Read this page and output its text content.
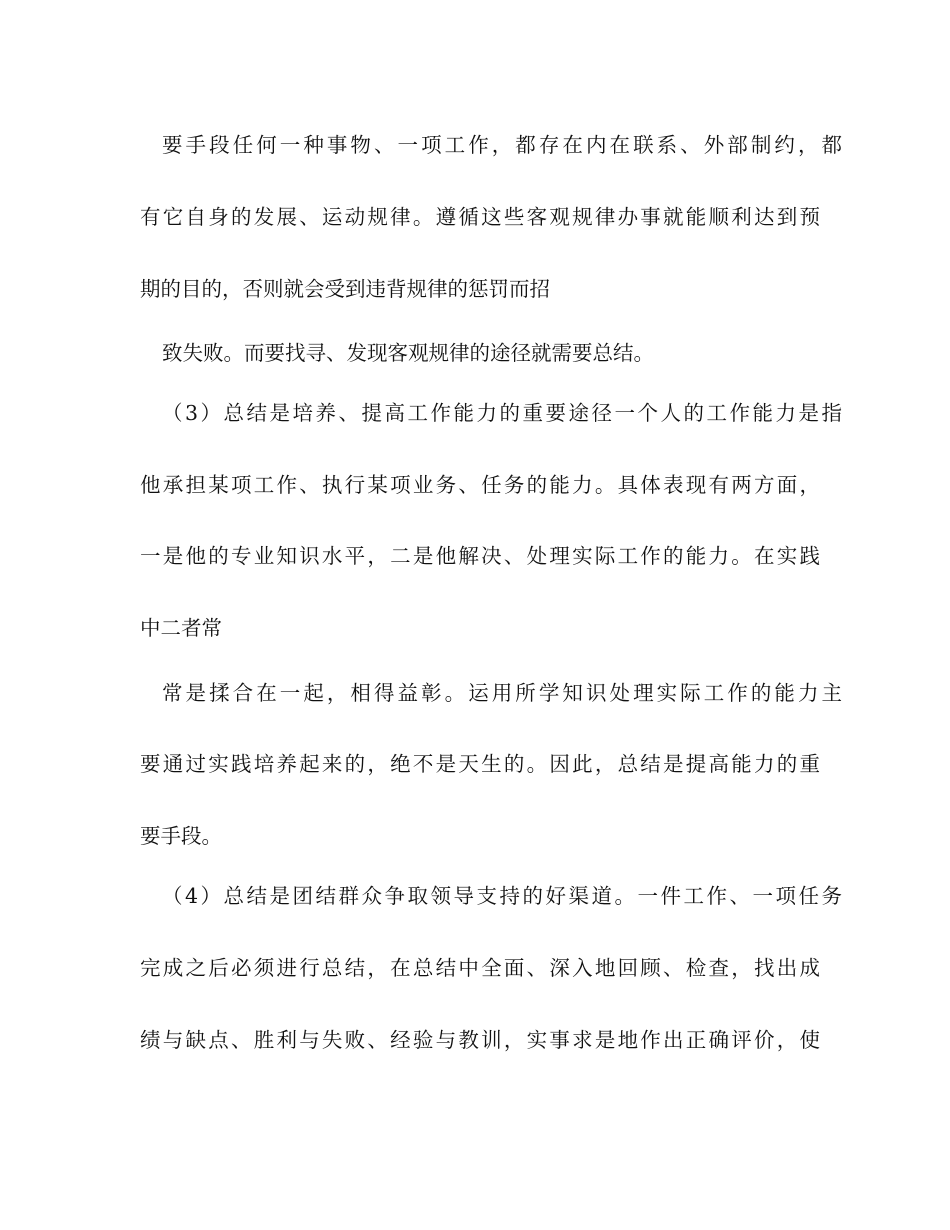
要手段任何一种事物、一项工作，都存在内在联系、外部制约，都
有它自身的发展、运动规律。遵循这些客观规律办事就能顺利达到预
期的目的，否则就会受到违背规律的惩罚而招
致失败。而要找寻、发现客观规律的途径就需要总结。
（3）总结是培养、提高工作能力的重要途径一个人的工作能力是指
他承担某项工作、执行某项业务、任务的能力。具体表现有两方面，
一是他的专业知识水平，二是他解决、处理实际工作的能力。在实践
中二者常
常是揉合在一起，相得益彰。运用所学知识处理实际工作的能力主
要通过实践培养起来的，绝不是天生的。因此，总结是提高能力的重
要手段。
（4）总结是团结群众争取领导支持的好渠道。一件工作、一项任务
完成之后必须进行总结，在总结中全面、深入地回顾、检查，找出成
绩与缺点、胜利与失败、经验与教训，实事求是地作出正确评价，使
